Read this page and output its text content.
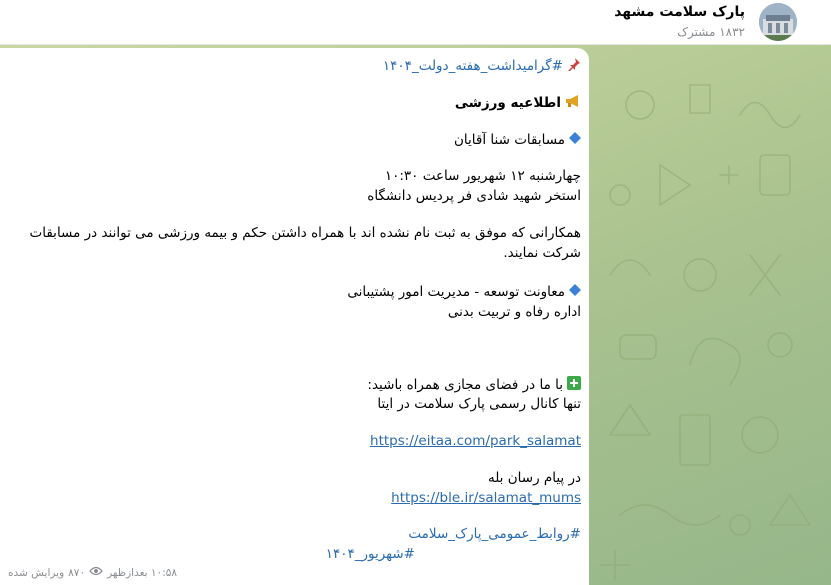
پارک سلامت مشهد
۱۸۳۲ مشترک
#گرامیداشت_هفته_دولت_۱۴۰۴
اطلاعیه ورزشی
مسابقات شنا آقایان
چهارشنبه ۱۲ شهریور ساعت ۱۰:۳۰
استخر شهید شادی فر پردیس دانشگاه
همکارانی که موفق به ثبت نام نشده اند با همراه داشتن حکم و بیمه ورزشی می توانند در مسابقات شرکت نمایند.
معاونت توسعه - مدیریت امور پشتیبانی
اداره رفاه و تربیت بدنی
با ما در فضای مجازی همراه باشید:
تنها کانال رسمی پارک سلامت در ایتا
https://eitaa.com/park_salamat
در پیام رسان بله
https://ble.ir/salamat_mums
#روابط_عمومی_پارک_سلامت
#شهریور_۱۴۰۴
۱۰:۵۸ بعدازظهر
۸۷۰
ویرایش شده
